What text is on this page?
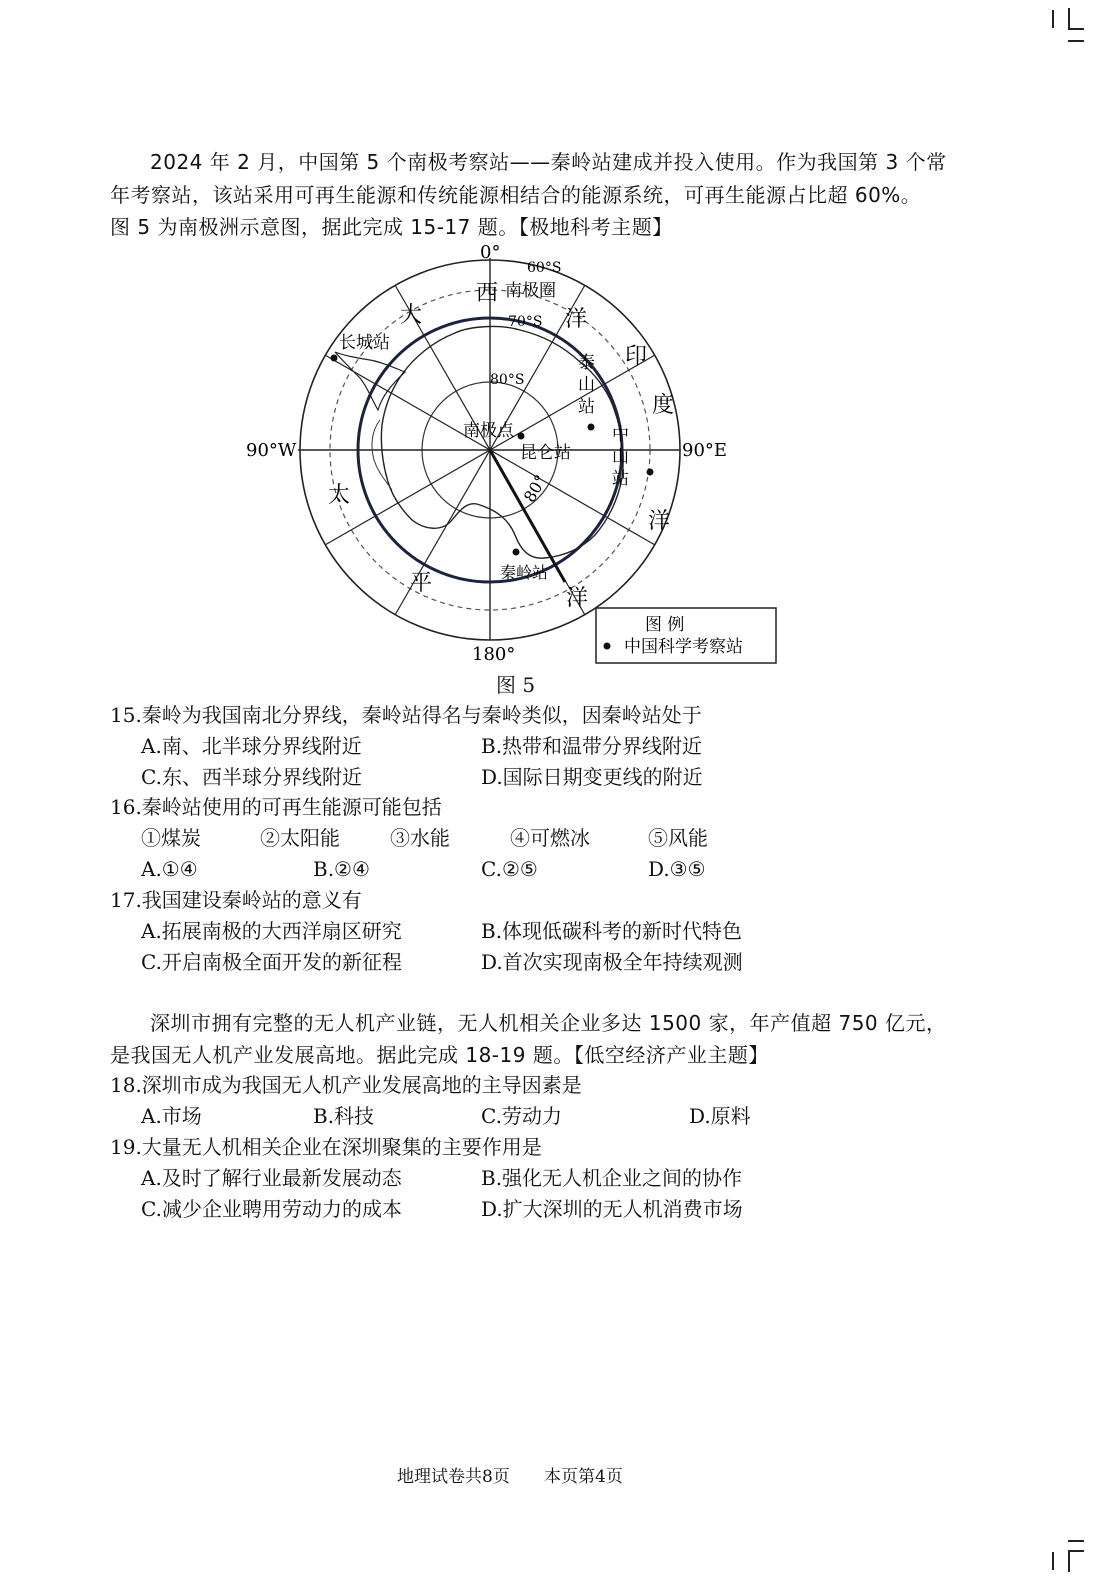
2024 年 2 月，中国第 5 个南极考察站——秦岭站建成并投入使用。作为我国第 3 个常
年考察站，该站采用可再生能源和传统能源相结合的能源系统，可再生能源占比超 60%。
图 5 为南极洲示意图，据此完成 15-17 题。【极地科考主题】
0°
180°
90°W	90°E
60°S
70°S
80°S
南极圈
南极点
80°
大
西
洋
印
度
洋
太
平
洋
长城站
泰
山
站
中
山
站
昆仑站
秦岭站
图 例
中国科学考察站
图 5
15.秦岭为我国南北分界线，秦岭站得名与秦岭类似，因秦岭站处于
A.南、北半球分界线附近	B.热带和温带分界线附近
C.东、西半球分界线附近	D.国际日期变更线的附近
16.秦岭站使用的可再生能源可能包括
①煤炭	②太阳能	③水能	④可燃冰	⑤风能
A.①④	B.②④	C.②⑤	D.③⑤
17.我国建设秦岭站的意义有
A.拓展南极的大西洋扇区研究	B.体现低碳科考的新时代特色
C.开启南极全面开发的新征程	D.首次实现南极全年持续观测
深圳市拥有完整的无人机产业链，无人机相关企业多达 1500 家，年产值超 750 亿元，
是我国无人机产业发展高地。据此完成 18-19 题。【低空经济产业主题】
18.深圳市成为我国无人机产业发展高地的主导因素是
A.市场	B.科技	C.劳动力	D.原料
19.大量无人机相关企业在深圳聚集的主要作用是
A.及时了解行业最新发展动态	B.强化无人机企业之间的协作
C.减少企业聘用劳动力的成本	D.扩大深圳的无人机消费市场
地理试卷共8页 本页第4页
